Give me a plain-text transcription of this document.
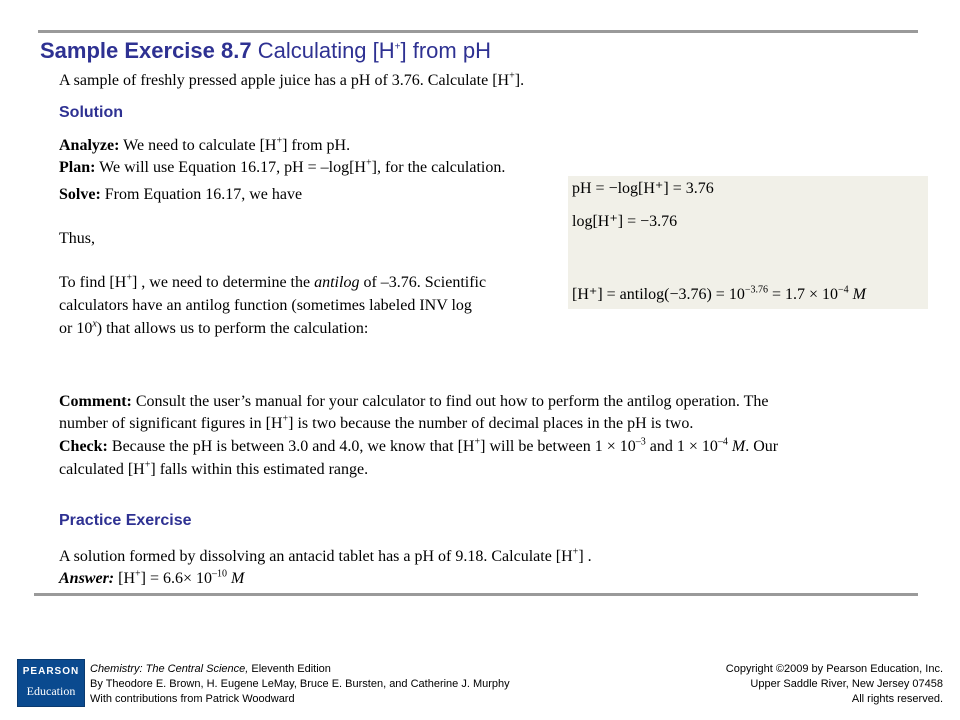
Sample Exercise 8.7 Calculating [H+] from pH
A sample of freshly pressed apple juice has a pH of 3.76. Calculate [H+].
Solution
Analyze: We need to calculate [H+] from pH.
Plan: We will use Equation 16.17, pH = –log[H+], for the calculation.
Solve: From Equation 16.17, we have
Thus,
To find [H+] , we need to determine the antilog of –3.76. Scientific
calculators have an antilog function (sometimes labeled INV log
or 10$^x$) that allows us to perform the calculation:
pH = −log[H⁺] = 3.76
log[H⁺] = −3.76
[H⁺] = antilog(−3.76) = $10^{-3.76} = 1.7 \times 10^{-4}$ M
Comment: Consult the user’s manual for your calculator to find out how to perform the antilog operation. The
number of significant figures in [H+] is two because the number of decimal places in the pH is two.
Check: Because the pH is between 3.0 and 4.0, we know that [H+] will be between $1 \times 10^{-3}$ and $1 \times 10^{-4}$ M. Our
calculated [H+] falls within this estimated range.
Practice Exercise
A solution formed by dissolving an antacid tablet has a pH of 9.18. Calculate [H+] .
Answer: $[H^+] = 6.6\times 10^{-10}$ M
PEARSON
Education
Chemistry: The Central Science, Eleventh Edition
By Theodore E. Brown, H. Eugene LeMay, Bruce E. Bursten, and Catherine J. Murphy
With contributions from Patrick Woodward
Copyright ©2009 by Pearson Education, Inc.
Upper Saddle River, New Jersey 07458
All rights reserved.
